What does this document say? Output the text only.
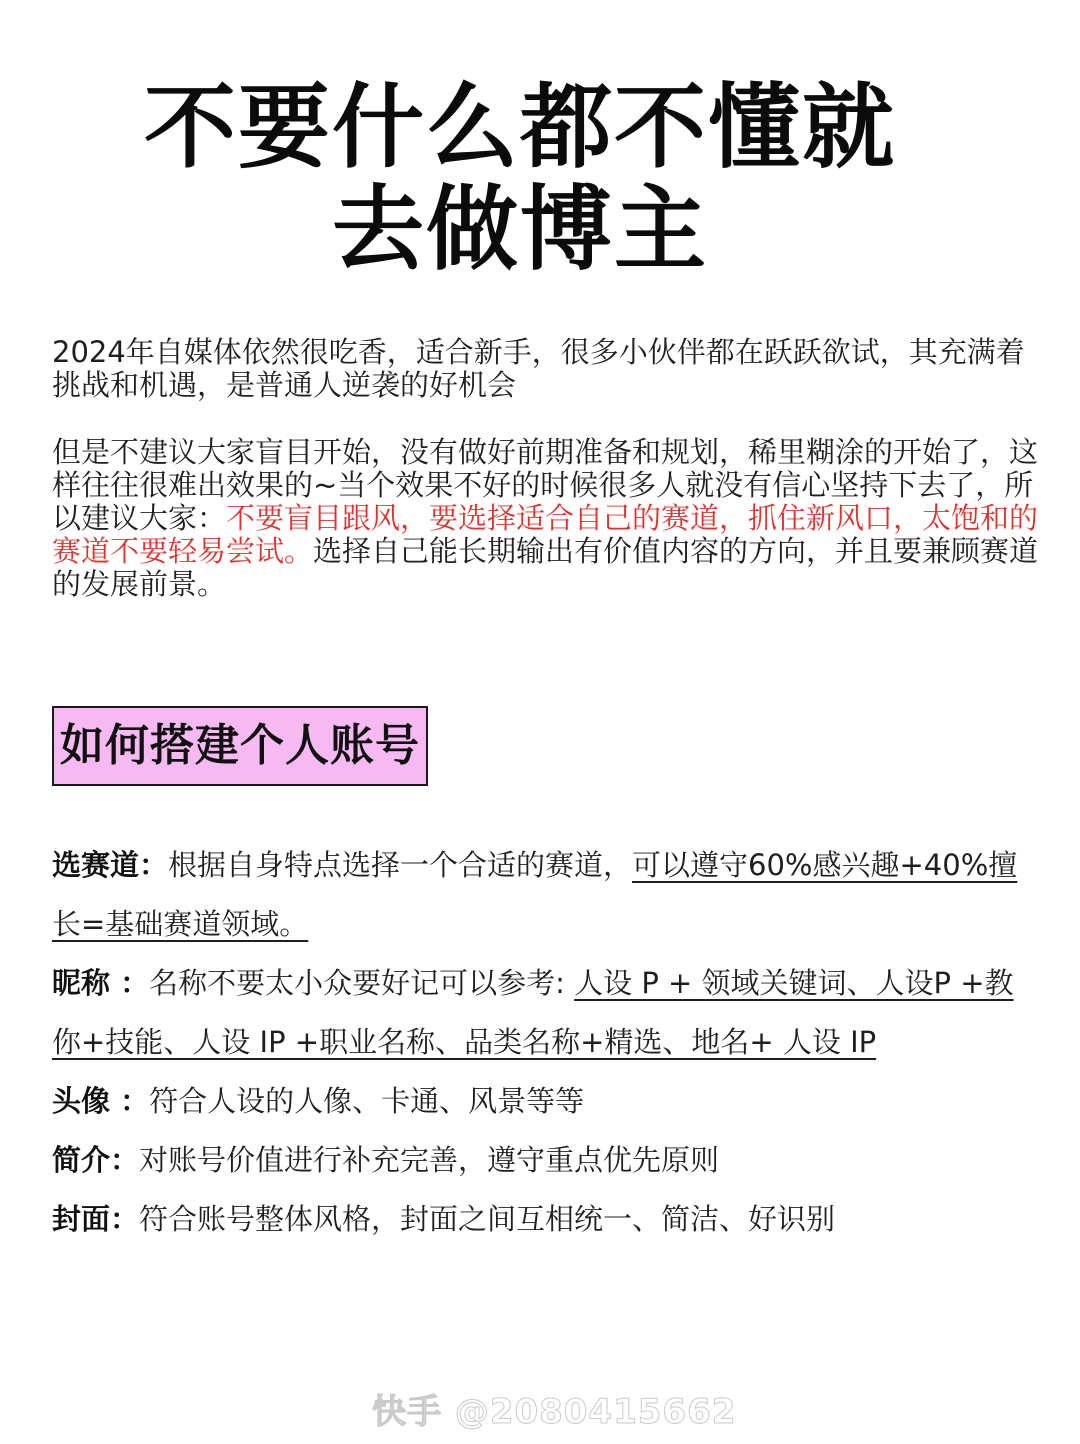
不要什么都不懂就
去做博主
2024年自媒体依然很吃香，适合新手，很多小伙伴都在跃跃欲试，其充满着挑战和机遇，是普通人逆袭的好机会
但是不建议大家盲目开始，没有做好前期准备和规划，稀里糊涂的开始了，这样往往很难出效果的~当个效果不好的时候很多人就没有信心坚持下去了，所以建议大家：不要盲目跟风，要选择适合自己的赛道，抓住新风口，太饱和的赛道不要轻易尝试。选择自己能长期输出有价值内容的方向，并且要兼顾赛道的发展前景。
如何搭建个人账号
选赛道：根据自身特点选择一个合适的赛道，可以遵守60%感兴趣+40%擅长=基础赛道领域。
昵称 ：名称不要太小众要好记可以参考: 人设 P + 领域关键词、人设P +教你+技能、人设 IP +职业名称、品类名称+精选、地名+ 人设 IP
头像 ：符合人设的人像、卡通、风景等等
简介：对账号价值进行补充完善，遵守重点优先原则
封面：符合账号整体风格，封面之间互相统一、简洁、好识别
快手 @2080415662
